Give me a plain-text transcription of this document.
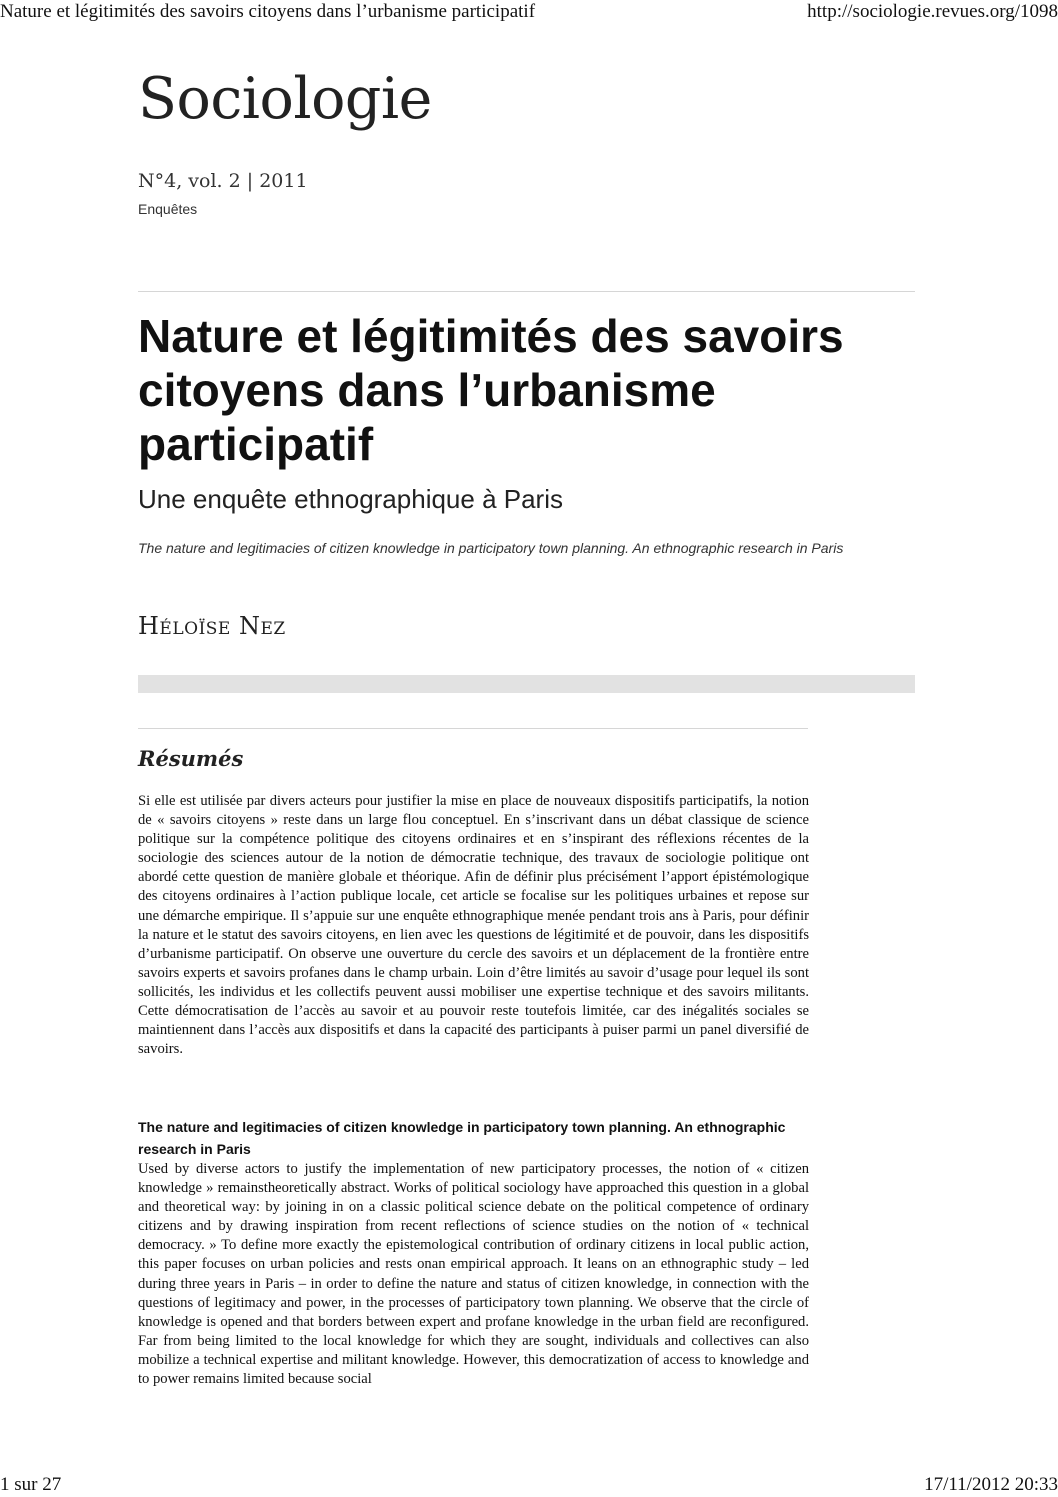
Nature et légitimités des savoirs citoyens dans l’urbanisme participatif	http://sociologie.revues.org/1098
Sociologie
N°4, vol. 2 | 2011
Enquêtes
Nature et légitimités des savoirs citoyens dans l’urbanisme participatif
Une enquête ethnographique à Paris
The nature and legitimacies of citizen knowledge in participatory town planning. An ethnographic research in Paris
Héloïse Nez
Résumés

Si elle est utilisée par divers acteurs pour justifier la mise en place de nouveaux dispositifs participatifs, la notion de « savoirs citoyens » reste dans un large flou conceptuel. En s’inscrivant dans un débat classique de science politique sur la compétence politique des citoyens ordinaires et en s’inspirant des réflexions récentes de la sociologie des sciences autour de la notion de démocratie technique, des travaux de sociologie politique ont abordé cette question de manière globale et théorique. Afin de définir plus précisément l’apport épistémologique des citoyens ordinaires à l’action publique locale, cet article se focalise sur les politiques urbaines et repose sur une démarche empirique. Il s’appuie sur une enquête ethnographique menée pendant trois ans à Paris, pour définir la nature et le statut des savoirs citoyens, en lien avec les questions de légitimité et de pouvoir, dans les dispositifs d’urbanisme participatif. On observe une ouverture du cercle des savoirs et un déplacement de la frontière entre savoirs experts et savoirs profanes dans le champ urbain. Loin d’être limités au savoir d’usage pour lequel ils sont sollicités, les individus et les collectifs peuvent aussi mobiliser une expertise technique et des savoirs militants. Cette démocratisation de l’accès au savoir et au pouvoir reste toutefois limitée, car des inégalités sociales se maintiennent dans l’accès aux dispositifs et dans la capacité des participants à puiser parmi un panel diversifié de savoirs.

The nature and legitimacies of citizen knowledge in participatory town planning. An ethnographic research in Paris

Used by diverse actors to justify the implementation of new participatory processes, the notion of « citizen knowledge » remainstheoretically abstract. Works of political sociology have approached this question in a global and theoretical way: by joining in on a classic political science debate on the political competence of ordinary citizens and by drawing inspiration from recent reflections of science studies on the notion of « technical democracy. » To define more exactly the epistemological contribution of ordinary citizens in local public action, this paper focuses on urban policies and rests onan empirical approach. It leans on an ethnographic study – led during three years in Paris – in order to define the nature and status of citizen knowledge, in connection with the questions of legitimacy and power, in the processes of participatory town planning. We observe that the circle of knowledge is opened and that borders between expert and profane knowledge in the urban field are reconfigured. Far from being limited to the local knowledge for which they are sought, individuals and collectives can also mobilize a technical expertise and militant knowledge. However, this democratization of access to knowledge and to power remains limited because social

1 sur 27	17/11/2012 20:33
